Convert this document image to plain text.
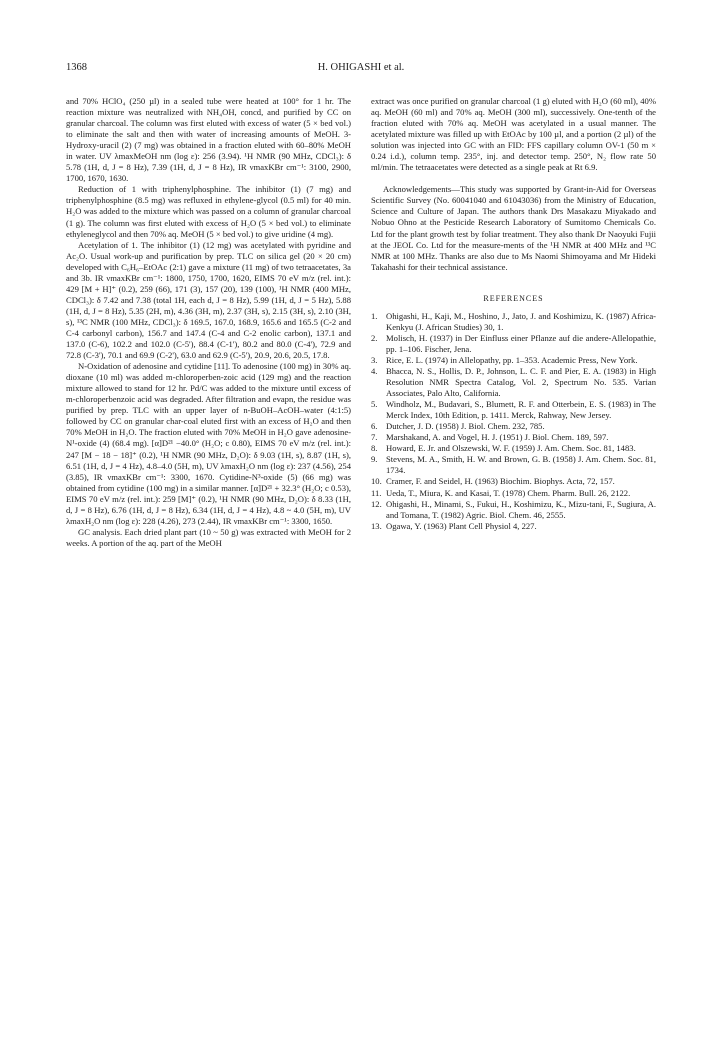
1368	H. OHIGASHI et al.

and 70% HClO₄ (250 µl) in a sealed tube were heated at 100° for 1 hr. The reaction mixture was neutralized with NH₄OH, concd, and purified by CC on granular charcoal. The column was first eluted with excess of water (5 × bed vol.) to eliminate the salt and then with water of increasing amounts of MeOH. 3-Hydroxy-uracil (2) (7 mg) was obtained in a fraction eluted with 60–80% MeOH in water. UV λmaxMeOH nm (log ε): 256 (3.94). ¹H NMR (90 MHz, CDCl₃): δ 5.78 (1H, d, J = 8 Hz), 7.39 (1H, d, J = 8 Hz), IR νmaxKBr cm⁻¹: 3100, 2900, 1700, 1670, 1630.

Reduction of 1 with triphenylphosphine. The inhibitor (1) (7 mg) and triphenylphosphine (8.5 mg) was refluxed in ethylene-glycol (0.5 ml) for 40 min. H₂O was added to the mixture which was passed on a column of granular charcoal (1 g). The column was first eluted with excess of H₂O (5 × bed vol.) to eliminate ethyleneglycol and then 70% aq. MeOH (5 × bed vol.) to give uridine (4 mg).

Acetylation of 1. The inhibitor (1) (12 mg) was acetylated with pyridine and Ac₂O. Usual work-up and purification by prep. TLC on silica gel (20 × 20 cm) developed with C₆H₆–EtOAc (2:1) gave a mixture (11 mg) of two tetraacetates, 3a and 3b. IR νmaxKBr cm⁻¹: 1800, 1750, 1700, 1620, EIMS 70 eV m/z (rel. int.): 429 [M + H]⁺ (0.2), 259 (66), 171 (3), 157 (20), 139 (100), ¹H NMR (400 MHz, CDCl₃): δ 7.42 and 7.38 (total 1H, each d, J = 8 Hz), 5.99 (1H, d, J = 5 Hz), 5.88 (1H, d, J = 8 Hz), 5.35 (2H, m), 4.36 (3H, m), 2.37 (3H, s), 2.15 (3H, s), 2.10 (3H, s), ¹³C NMR (100 MHz, CDCl₃): δ 169.5, 167.0, 168.9, 165.6 and 165.5 (C-2 and C-4 carbonyl carbon), 156.7 and 147.4 (C-4 and C-2 enolic carbon), 137.1 and 137.0 (C-6), 102.2 and 102.0 (C-5'), 88.4 (C-1'), 80.2 and 80.0 (C-4'), 72.9 and 72.8 (C-3'), 70.1 and 69.9 (C-2'), 63.0 and 62.9 (C-5'), 20.9, 20.6, 20.5, 17.8.

N-Oxidation of adenosine and cytidine [11]. To adenosine (100 mg) in 30% aq. dioxane (10 ml) was added m-chloroperben-zoic acid (129 mg) and the reaction mixture allowed to stand for 12 hr. Pd/C was added to the mixture until excess of m-chloroperbenzoic acid was degraded. After filtration and evapn, the residue was purified by prep. TLC with an upper layer of n-BuOH–AcOH–water (4:1:5) followed by CC on granular char-coal eluted first with an excess of H₂O and then 70% MeOH in H₂O. The fraction eluted with 70% MeOH in H₂O gave adenosine-N¹-oxide (4) (68.4 mg). [α]D²¹ −40.0° (H₂O; c 0.80), EIMS 70 eV m/z (rel. int.): 247 [M − 18 − 18]⁺ (0.2), ¹H NMR (90 MHz, D₂O): δ 9.03 (1H, s), 8.87 (1H, s), 6.51 (1H, d, J = 4 Hz), 4.8–4.0 (5H, m), UV λmaxH₂O nm (log ε): 237 (4.56), 254 (3.85), IR νmaxKBr cm⁻¹: 3300, 1670. Cytidine-N³-oxide (5) (66 mg) was obtained from cytidine (100 mg) in a similar manner. [α]D²¹ + 32.3° (H₂O; c 0.53), EIMS 70 eV m/z (rel. int.): 259 [M]⁺ (0.2), ¹H NMR (90 MHz, D₂O): δ 8.33 (1H, d, J = 8 Hz), 6.76 (1H, d, J = 8 Hz), 6.34 (1H, d, J = 4 Hz), 4.8 ~ 4.0 (5H, m), UV λmaxH₂O nm (log ε): 228 (4.26), 273 (2.44), IR νmaxKBr cm⁻¹: 3300, 1650.

GC analysis. Each dried plant part (10 ~ 50 g) was extracted with MeOH for 2 weeks. A portion of the aq. part of the MeOH

extract was once purified on granular charcoal (1 g) eluted with H₂O (60 ml), 40% aq. MeOH (60 ml) and 70% aq. MeOH (300 ml), successively. One-tenth of the fraction eluted with 70% aq. MeOH was acetylated in a usual manner. The acetylated mixture was filled up with EtOAc by 100 µl, and a portion (2 µl) of the solution was injected into GC with an FID: FFS capillary column OV-1 (50 m × 0.24 i.d.), column temp. 235°, inj. and detector temp. 250°, N₂ flow rate 50 ml/min. The tetraacetates were detected as a single peak at Rt 6.9.

Acknowledgements—This study was supported by Grant-in-Aid for Overseas Scientific Survey (No. 60041040 and 61043036) from the Ministry of Education, Science and Culture of Japan. The authors thank Drs Masakazu Miyakado and Nobuo Ohno at the Pesticide Research Laboratory of Sumitomo Chemicals Co. Ltd for the plant growth test by foliar treatment. They also thank Dr Naoyuki Fujii at the JEOL Co. Ltd for the measure-ments of the ¹H NMR at 400 MHz and ¹³C NMR at 100 MHz. Thanks are also due to Ms Naomi Shimoyama and Mr Hideki Takahashi for their technical assistance.

REFERENCES
1. Ohigashi, H., Kaji, M., Hoshino, J., Jato, J. and Koshimizu, K. (1987) Africa-Kenkyu (J. African Studies) 30, 1.
2. Molisch, H. (1937) in Der Einfluss einer Pflanze auf die andere-Allelopathie, pp. 1–106. Fischer, Jena.
3. Rice, E. L. (1974) in Allelopathy, pp. 1–353. Academic Press, New York.
4. Bhacca, N. S., Hollis, D. P., Johnson, L. C. F. and Pier, E. A. (1983) in High Resolution NMR Spectra Catalog, Vol. 2, Spectrum No. 535. Varian Associates, Palo Alto, California.
5. Windholz, M., Budavari, S., Blumett, R. F. and Otterbein, E. S. (1983) in The Merck Index, 10th Edition, p. 1411. Merck, Rahway, New Jersey.
6. Dutcher, J. D. (1958) J. Biol. Chem. 232, 785.
7. Marshakand, A. and Vogel, H. J. (1951) J. Biol. Chem. 189, 597.
8. Howard, E. Jr. and Olszewski, W. F. (1959) J. Am. Chem. Soc. 81, 1483.
9. Stevens, M. A., Smith, H. W. and Brown, G. B. (1958) J. Am. Chem. Soc. 81, 1734.
10. Cramer, F. and Seidel, H. (1963) Biochim. Biophys. Acta, 72, 157.
11. Ueda, T., Miura, K. and Kasai, T. (1978) Chem. Pharm. Bull. 26, 2122.
12. Ohigashi, H., Minami, S., Fukui, H., Koshimizu, K., Mizu-tani, F., Sugiura, A. and Tomana, T. (1982) Agric. Biol. Chem. 46, 2555.
13. Ogawa, Y. (1963) Plant Cell Physiol 4, 227.
